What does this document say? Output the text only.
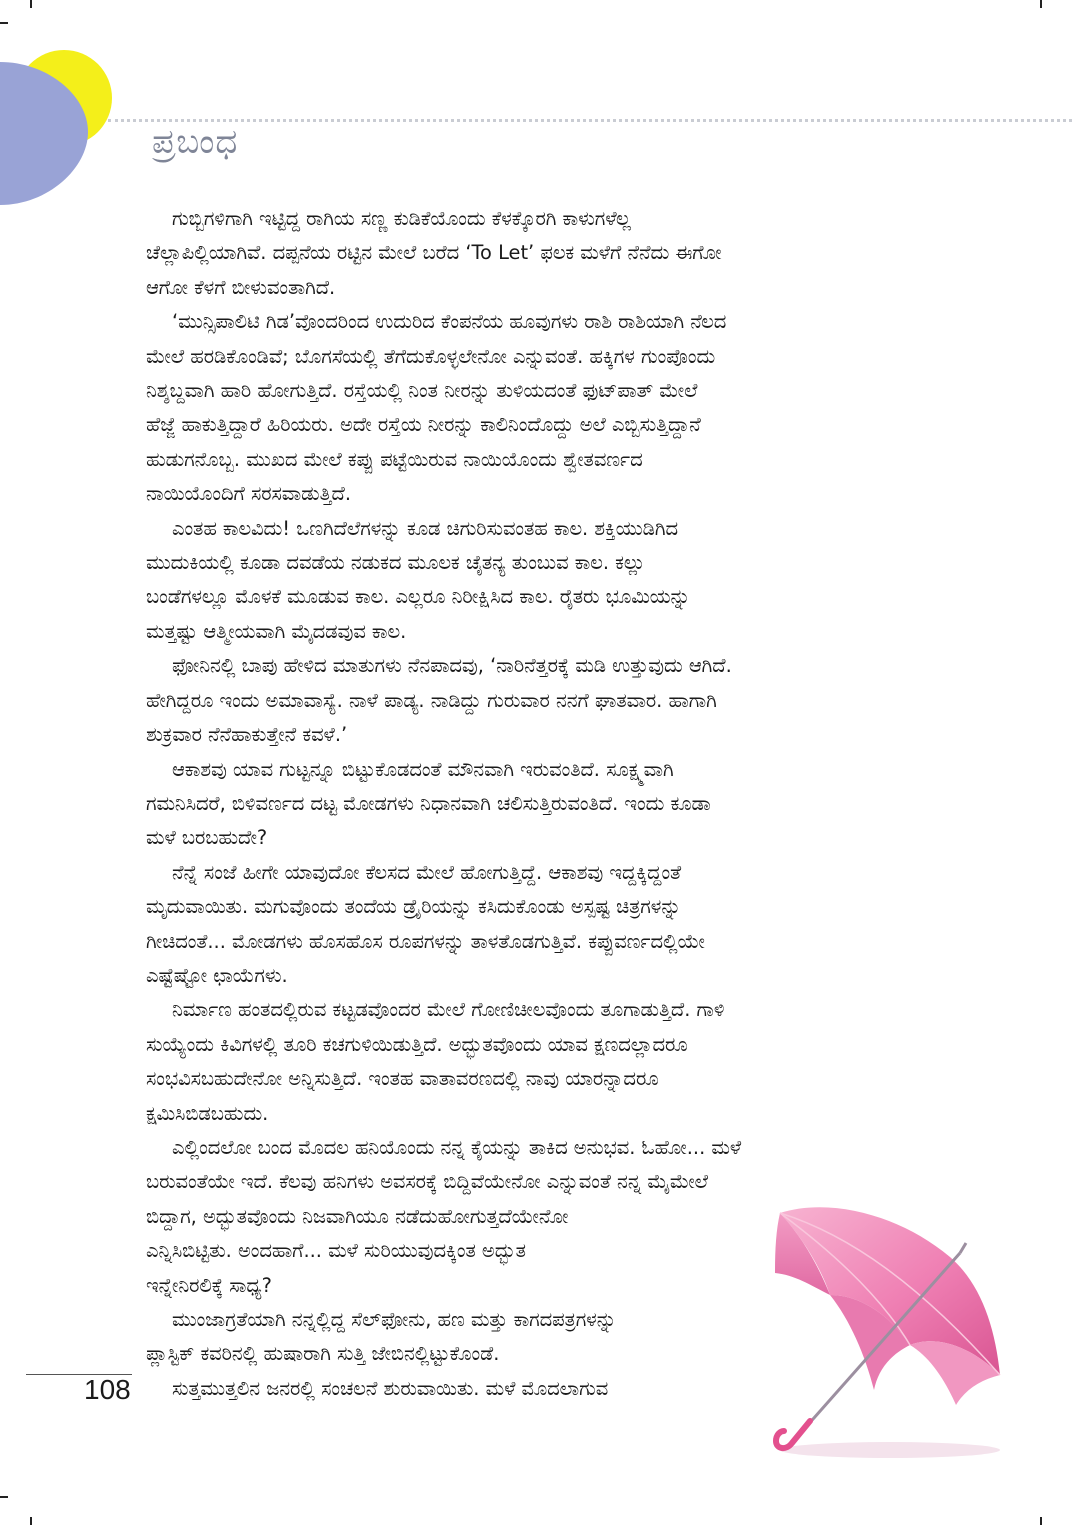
ಪ್ರಬಂಧ

ಗುಬ್ಬಿಗಳಿಗಾಗಿ ಇಟ್ಟಿದ್ದ ರಾಗಿಯ ಸಣ್ಣ ಕುಡಿಕೆಯೊಂದು ಕೆಳಕ್ಕೊರಗಿ ಕಾಳುಗಳೆಲ್ಲ
ಚೆಲ್ಲಾಪಿಲ್ಲಿಯಾಗಿವೆ. ದಪ್ಪನೆಯ ರಟ್ಟಿನ ಮೇಲೆ ಬರೆದ ‘To Let’ ಫಲಕ ಮಳೆಗೆ ನೆನೆದು ಈಗೋ
ಆಗೋ ಕೆಳಗೆ ಬೀಳುವಂತಾಗಿದೆ.

‘ಮುನ್ಸಿಪಾಲಿಟಿ ಗಿಡ’ವೊಂದರಿಂದ ಉದುರಿದ ಕೆಂಪನೆಯ ಹೂವುಗಳು ರಾಶಿ ರಾಶಿಯಾಗಿ ನೆಲದ
ಮೇಲೆ ಹರಡಿಕೊಂಡಿವೆ; ಬೊಗಸೆಯಲ್ಲಿ ತೆಗೆದುಕೊಳ್ಳಲೇನೋ ಎನ್ನುವಂತೆ. ಹಕ್ಕಿಗಳ ಗುಂಪೊಂದು
ನಿಶ್ಶಬ್ದವಾಗಿ ಹಾರಿ ಹೋಗುತ್ತಿದೆ. ರಸ್ತೆಯಲ್ಲಿ ನಿಂತ ನೀರನ್ನು ತುಳಿಯದಂತೆ ಫುಟ್‌ಪಾತ್ ಮೇಲೆ
ಹೆಜ್ಜೆ ಹಾಕುತ್ತಿದ್ದಾರೆ ಹಿರಿಯರು. ಅದೇ ರಸ್ತೆಯ ನೀರನ್ನು ಕಾಲಿನಿಂದೊದ್ದು ಅಲೆ ಎಬ್ಬಿಸುತ್ತಿದ್ದಾನೆ
ಹುಡುಗನೊಬ್ಬ. ಮುಖದ ಮೇಲೆ ಕಪ್ಪು ಪಟ್ಟೆಯಿರುವ ನಾಯಿಯೊಂದು ಶ್ವೇತವರ್ಣದ
ನಾಯಿಯೊಂದಿಗೆ ಸರಸವಾಡುತ್ತಿದೆ.

ಎಂತಹ ಕಾಲವಿದು! ಒಣಗಿದೆಲೆಗಳನ್ನು ಕೂಡ ಚಿಗುರಿಸುವಂತಹ ಕಾಲ. ಶಕ್ತಿಯುಡಿಗಿದ
ಮುದುಕಿಯಲ್ಲಿ ಕೂಡಾ ದವಡೆಯ ನಡುಕದ ಮೂಲಕ ಚೈತನ್ಯ ತುಂಬುವ ಕಾಲ. ಕಲ್ಲು
ಬಂಡೆಗಳಲ್ಲೂ ಮೊಳಕೆ ಮೂಡುವ ಕಾಲ. ಎಲ್ಲರೂ ನಿರೀಕ್ಷಿಸಿದ ಕಾಲ. ರೈತರು ಭೂಮಿಯನ್ನು
ಮತ್ತಷ್ಟು ಆತ್ಮೀಯವಾಗಿ ಮೈದಡವುವ ಕಾಲ.

ಫೋನಿನಲ್ಲಿ ಬಾಪು ಹೇಳಿದ ಮಾತುಗಳು ನೆನಪಾದವು, ‘ನಾರಿನೆತ್ತರಕ್ಕೆ ಮಡಿ ಉತ್ತುವುದು ಆಗಿದೆ.
ಹೇಗಿದ್ದರೂ ಇಂದು ಅಮಾವಾಸ್ಯೆ. ನಾಳೆ ಪಾಡ್ಯ. ನಾಡಿದ್ದು ಗುರುವಾರ ನನಗೆ ಘಾತವಾರ. ಹಾಗಾಗಿ
ಶುಕ್ರವಾರ ನೆನೆಹಾಕುತ್ತೇನೆ ಕವಳೆ.’

ಆಕಾಶವು ಯಾವ ಗುಟ್ಟನ್ನೂ ಬಿಟ್ಟುಕೊಡದಂತೆ ಮೌನವಾಗಿ ಇರುವಂತಿದೆ. ಸೂಕ್ಷ್ಮವಾಗಿ
ಗಮನಿಸಿದರೆ, ಬಿಳಿವರ್ಣದ ದಟ್ಟ ಮೋಡಗಳು ನಿಧಾನವಾಗಿ ಚಲಿಸುತ್ತಿರುವಂತಿದೆ. ಇಂದು ಕೂಡಾ
ಮಳೆ ಬರಬಹುದೇ?

ನೆನ್ನೆ ಸಂಜೆ ಹೀಗೇ ಯಾವುದೋ ಕೆಲಸದ ಮೇಲೆ ಹೋಗುತ್ತಿದ್ದೆ. ಆಕಾಶವು ಇದ್ದಕ್ಕಿದ್ದಂತೆ
ಮೃದುವಾಯಿತು. ಮಗುವೊಂದು ತಂದೆಯ ಡ್ರೈರಿಯನ್ನು ಕಸಿದುಕೊಂಡು ಅಸ್ಪಷ್ಟ ಚಿತ್ರಗಳನ್ನು
ಗೀಚಿದಂತೆ... ಮೋಡಗಳು ಹೊಸಹೊಸ ರೂಪಗಳನ್ನು ತಾಳತೊಡಗುತ್ತಿವೆ. ಕಪ್ಪುವರ್ಣದಲ್ಲಿಯೇ
ಎಷ್ಟೆಷ್ಟೋ ಛಾಯೆಗಳು.

ನಿರ್ಮಾಣ ಹಂತದಲ್ಲಿರುವ ಕಟ್ಟಡವೊಂದರ ಮೇಲೆ ಗೋಣಿಚೀಲವೊಂದು ತೂಗಾಡುತ್ತಿದೆ. ಗಾಳಿ
ಸುಯ್ಯೆಂದು ಕಿವಿಗಳಲ್ಲಿ ತೂರಿ ಕಚಗುಳಿಯಿಡುತ್ತಿದೆ. ಅದ್ಭುತವೊಂದು ಯಾವ ಕ್ಷಣದಲ್ಲಾದರೂ
ಸಂಭವಿಸಬಹುದೇನೋ ಅನ್ನಿಸುತ್ತಿದೆ. ಇಂತಹ ವಾತಾವರಣದಲ್ಲಿ ನಾವು ಯಾರನ್ನಾದರೂ
ಕ್ಷಮಿಸಿಬಿಡಬಹುದು.

ಎಲ್ಲಿಂದಲೋ ಬಂದ ಮೊದಲ ಹನಿಯೊಂದು ನನ್ನ ಕೈಯನ್ನು ತಾಕಿದ ಅನುಭವ. ಓಹೋ... ಮಳೆ
ಬರುವಂತೆಯೇ ಇದೆ. ಕೆಲವು ಹನಿಗಳು ಅವಸರಕ್ಕೆ ಬಿದ್ದಿವೆಯೇನೋ ಎನ್ನುವಂತೆ ನನ್ನ ಮೈಮೇಲೆ
ಬಿದ್ದಾಗ, ಅದ್ಭುತವೊಂದು ನಿಜವಾಗಿಯೂ ನಡೆದುಹೋಗುತ್ತದೆಯೇನೋ
ಎನ್ನಿಸಿಬಿಟ್ಟಿತು. ಅಂದಹಾಗೆ... ಮಳೆ ಸುರಿಯುವುದಕ್ಕಿಂತ ಅದ್ಭುತ
ಇನ್ನೇನಿರಲಿಕ್ಕೆ ಸಾಧ್ಯ?

ಮುಂಜಾಗ್ರತೆಯಾಗಿ ನನ್ನಲ್ಲಿದ್ದ ಸೆಲ್‌ಫೋನು, ಹಣ ಮತ್ತು ಕಾಗದಪತ್ರಗಳನ್ನು
ಪ್ಲಾಸ್ಟಿಕ್ ಕವರಿನಲ್ಲಿ ಹುಷಾರಾಗಿ ಸುತ್ತಿ ಜೇಬಿನಲ್ಲಿಟ್ಟುಕೊಂಡೆ.

ಸುತ್ತಮುತ್ತಲಿನ ಜನರಲ್ಲಿ ಸಂಚಲನೆ ಶುರುವಾಯಿತು. ಮಳೆ ಮೊದಲಾಗುವ

108
